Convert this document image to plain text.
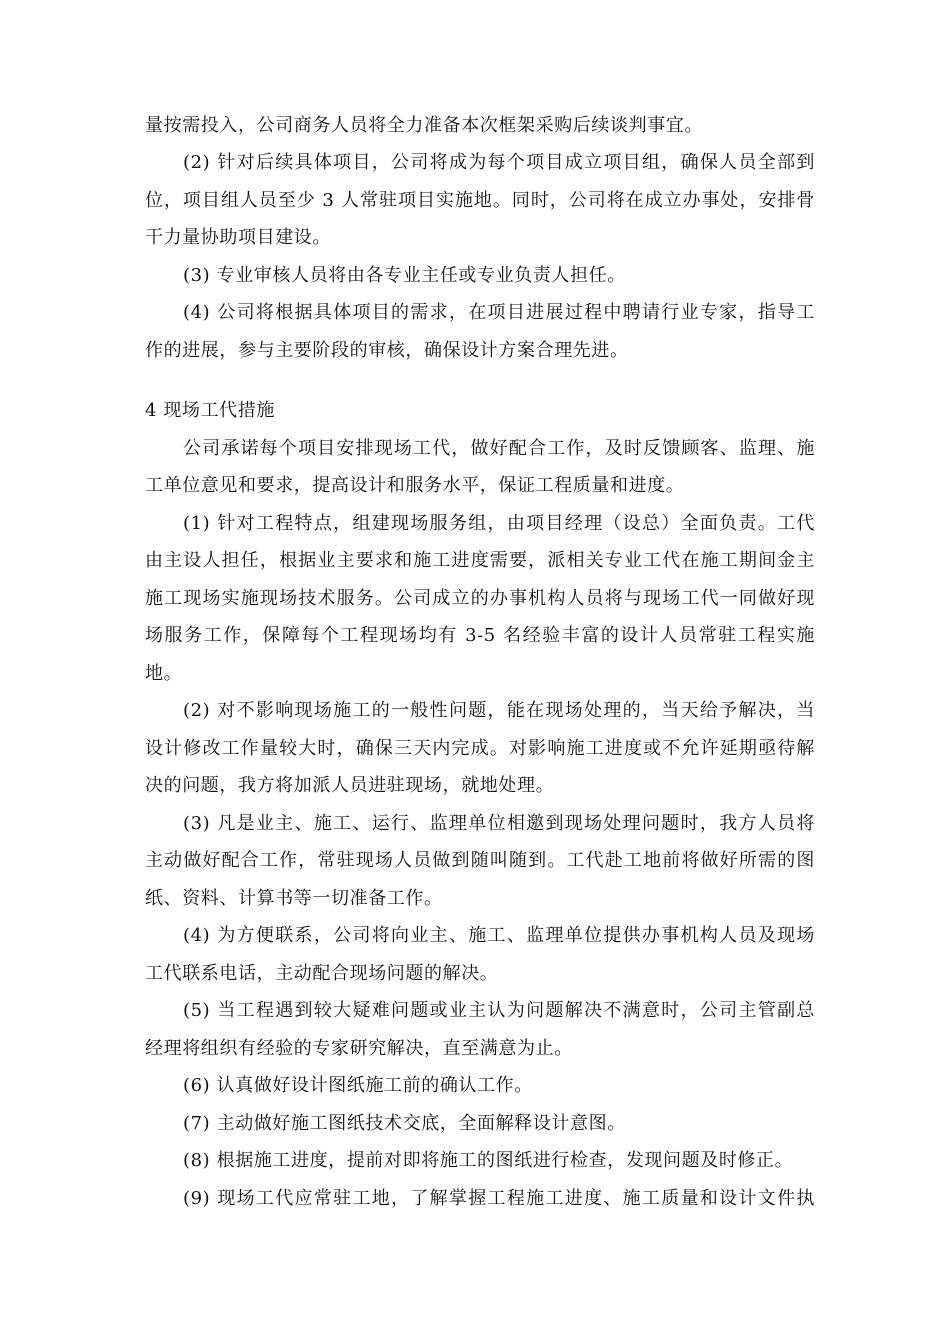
量按需投入，公司商务人员将全力准备本次框架采购后续谈判事宜。
(2) 针对后续具体项目，公司将成为每个项目成立项目组，确保人员全部到
位，项目组人员至少 3 人常驻项目实施地。同时，公司将在成立办事处，安排骨
干力量协助项目建设。
(3) 专业审核人员将由各专业主任或专业负责人担任。
(4) 公司将根据具体项目的需求，在项目进展过程中聘请行业专家，指导工
作的进展，参与主要阶段的审核，确保设计方案合理先进。
4 现场工代措施
公司承诺每个项目安排现场工代，做好配合工作，及时反馈顾客、监理、施
工单位意见和要求，提高设计和服务水平，保证工程质量和进度。
(1) 针对工程特点，组建现场服务组，由项目经理（设总）全面负责。工代
由主设人担任，根据业主要求和施工进度需要，派相关专业工代在施工期间金主
施工现场实施现场技术服务。公司成立的办事机构人员将与现场工代一同做好现
场服务工作，保障每个工程现场均有 3-5 名经验丰富的设计人员常驻工程实施
地。
(2) 对不影响现场施工的一般性问题，能在现场处理的，当天给予解决，当
设计修改工作量较大时，确保三天内完成。对影响施工进度或不允许延期亟待解
决的问题，我方将加派人员进驻现场，就地处理。
(3) 凡是业主、施工、运行、监理单位相邀到现场处理问题时，我方人员将
主动做好配合工作，常驻现场人员做到随叫随到。工代赴工地前将做好所需的图
纸、资料、计算书等一切准备工作。
(4) 为方便联系，公司将向业主、施工、监理单位提供办事机构人员及现场
工代联系电话，主动配合现场问题的解决。
(5) 当工程遇到较大疑难问题或业主认为问题解决不满意时，公司主管副总
经理将组织有经验的专家研究解决，直至满意为止。
(6) 认真做好设计图纸施工前的确认工作。
(7) 主动做好施工图纸技术交底，全面解释设计意图。
(8) 根据施工进度，提前对即将施工的图纸进行检查，发现问题及时修正。
(9) 现场工代应常驻工地，了解掌握工程施工进度、施工质量和设计文件执
